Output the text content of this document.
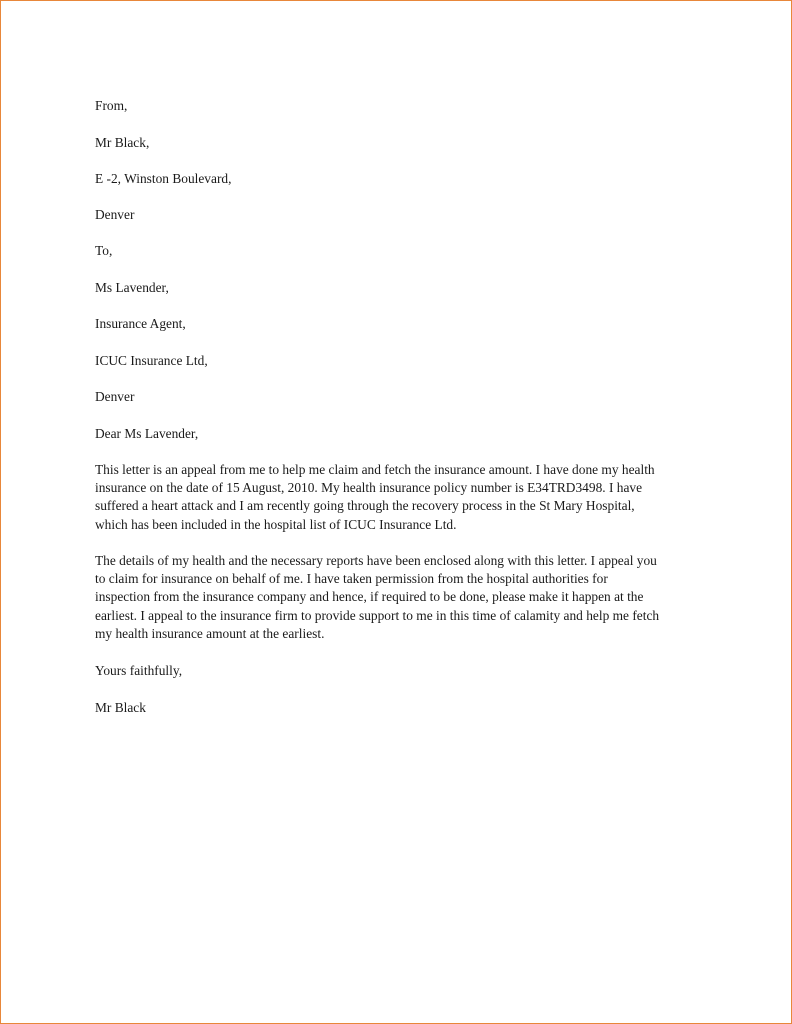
From,
Mr Black,
E -2, Winston Boulevard,
Denver
To,
Ms Lavender,
Insurance Agent,
ICUC Insurance Ltd,
Denver
Dear Ms Lavender,
This letter is an appeal from me to help me claim and fetch the insurance amount. I have done my health
insurance on the date of 15 August, 2010. My health insurance policy number is E34TRD3498. I have
suffered a heart attack and I am recently going through the recovery process in the St Mary Hospital,
which has been included in the hospital list of ICUC Insurance Ltd.
The details of my health and the necessary reports have been enclosed along with this letter. I appeal you
to claim for insurance on behalf of me. I have taken permission from the hospital authorities for
inspection from the insurance company and hence, if required to be done, please make it happen at the
earliest. I appeal to the insurance firm to provide support to me in this time of calamity and help me fetch
my health insurance amount at the earliest.
Yours faithfully,
Mr Black
